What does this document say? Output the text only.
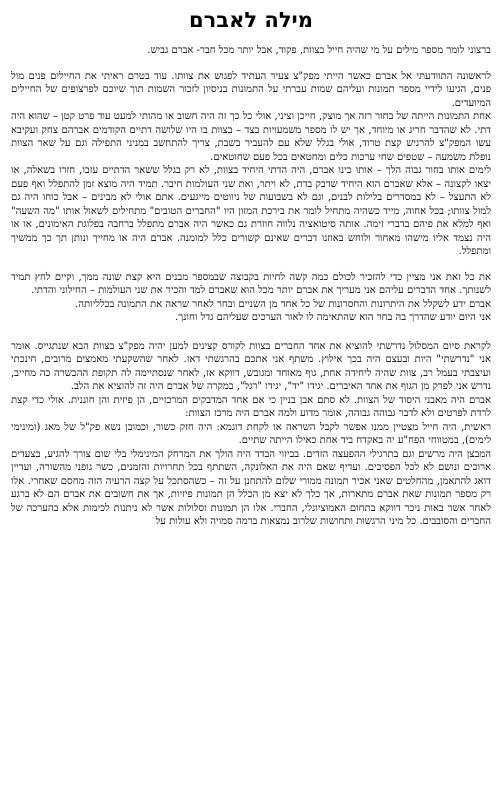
מילה לאברם

ברצוני לומר מספר מילים על מי שהיה חייל בצוות, פקוד, אבל יותר מכל חבר- אברם גביש.

לראשונה התוודעתי אל אברם כאשר הייתי מפק"צ צעיר העתיד לפגוש את צוותו. עוד בטרם ראיתי את החיילים פנים מול פנים, הגיעו לידיי מספר תמונות ועליהם שמות עברתי על התמונות בניסיון לזכור השמות תוך שיוכם לפרצופים של החיילים המיועדים.

אחת התמונות הייתה של בחור רזה אך מוצק, חייכן וציני, אולי כל כך זה היה חשוב או מהותי למעט עוד פרט קטן – שהוא היה דתי. לא שהדבר חריג או מיוחד, אך יש לו מספר משמעויות בצד – בצוות בו היו שלושה דתיים הקודמים אברהם צחק ועקיבא עשו המפק"צ להרגיש קצת טרוד, אולי בגלל שלא עם להעביר בשבת, צריך להתחשב במניני התפילה וגם על שאר הצוות נופלת משמעה – שטפים שחי ערכות כלים ומחטאים בכל פעם שחוטאים.

לימים אותו בחור גבוה הלך – אותו כינו אברם, היה הדתי היחיד בצוות, לא רק בגלל ששאר הדתיים עזבו, חזרו בשאלה, או יצאו לקצונה – אלא שאברם הוא היחיד שדבק בדת, לא ויתר, ואת שני העולמות חיבר. תמיד היה מוצא זמן להתפלל ואף פעם לא התעצל – לא במסדרים בלילות לבנים, וגם לא בשבועות של ניווטים מייגעים. אתם אולי לא מבינים – אבל כוחו היה גם למול צוותו; בכל אחוה, מייד כשהיה מתחיל לומר את בירכת המזון היו "החברים הטובים" מתחילים לשאול אותו "מה השעה" ואף למלא את פיהם בדברי זימה. אותה סיטואציה נלווה חוזרת גם כאשר היה אברם מתפלל ברחבה בפלוגת האימונים, או או היה נצמד אליו מישהו מאחור ולוחש באוזנו דברים שאינם קשורים כלל למומנה. אברם היה או מחייך ונותן תך כך ממשיך ומתפלל.

את כל זאת אני מציין כדי להזכיר לכולם כמה קשה לחיות בקבוצה שבמספר מבנים היא קצת שונה ממך, וקיים לחץ תמיד לשנותך. אחד הדברים עליהם אני מעריך את אברם יותר מכל הוא שאברם למד והכיר את שני העולמות – החילוני והדתי.

אברם ידע לשקלל את היתרונות והחסרונות של כל אחד מן השניים ובחר לאחר שראה את התמונה בכלליותה.

אני היום יודע שהדרך בה בחר הוא שהתאימה לו לאור הערכים שעליהם גדל וחונך.

לקראת סיום המסלול נדרשתי להוציא את אחד החברים בצוות לקורס קצינים למען יהיה מפק"צ בצוות הבא שנתגייס. אומר אני "נדרשתי" היות ובעצם היה בכך אילוץ. משתף אני אתכם בהרגשתי דאז. לאחר שהשקעתי מאמצים מרובים, חינכתי ועיצבתי בעמל רב, צוות שהיה ליחידה אחת, גוף מאוחד ומגובש, דווקא אז, לאחר שנסתיימה לה תקופת ההכשרה כה מחייב, נדרש אני לפרק מן הגוף את אחד האיברים. יגידו "יד", יגידו "רגל", במקרה של אברם היה זה להוציא את הלב.

אברם היה מאבני היסוד של הצוות. לא סתם אבן בניין כי אם אחד המדבקים המרכזיים, הן פיזית והן חוננית. אולי כדי קצת לרדת לפרטים ולא לדבר גבוהה גבוהה, אומר מדוע ולמה אברם היה מרכז הצוות:

ראשית, היה חייל מצטיין ממנו אפשר לקבל השראה או לקחת דוגמא: היה חזק כשור, וכמובן נשא פק"ל של מאג (ומינימי לימים), במטווחי הפח"ע יה באקדח ביד אחת כאילו הייתה שתיים.

המבצן היה מרשים וגם בתרגילי ההפעצה הזדים. בביזוי הבדד היה הולך את המרחק המינימלי בלי שום צורך להגיע, בצעדים ארוכים ונושם לא לכל הפסיכים. ועדיף שאם היה את האלונקה, השתתף בכל תחרויות והזמנים, כשר גופני מהשורה, ועדיין דואג להתאמן, מהחלטים שאני אכיר תמונה ממורי שלום להתחנן על זה – כשהסתכל על קצה הרעיה הזה מחסם שאחרי. אלו רק מספר תמונות שאת אברם מתארות, אך כלך לא יצא מן הכלל הן תמונות פיזיות, אך את חשובים את אברם הם לא ברגע לאחר אשר באות ניכר דווקא בתחום האמוציונלי, החברי. אלו הן תמונות וסלולות אשר לא ניתנות לכימות אלא בהערכה של החברים והסובבים. כל מיני הרגשות ותחושות שלרוב נמצאות ברמה סמויה ולא עולות על
